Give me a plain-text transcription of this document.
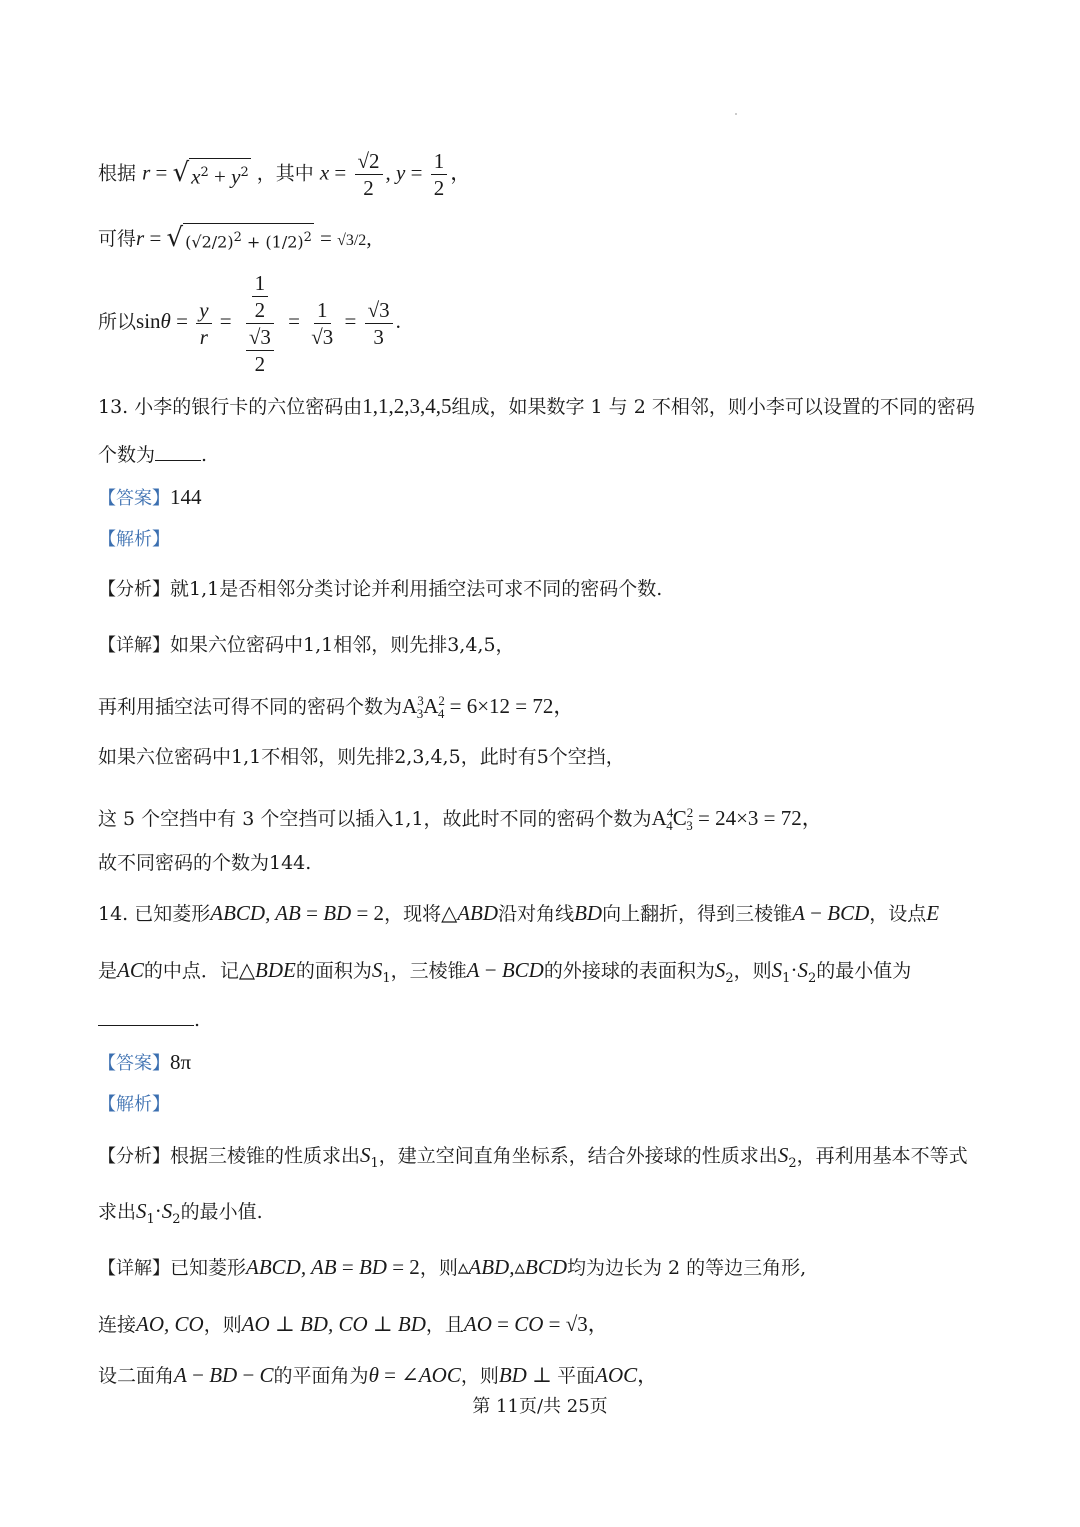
根据 r = √ $x^2 + y^2$ ，其中 $x = \frac{√2}{2}$ , $y = \frac{1}{2}$ ，
可得r = √ $(√2/2)^2 + (1/2)^2 = √3/2$,
所以$\sin\theta = \frac{y}{r} = \frac{\frac{1}{2}}{\frac{√3}{2}} = \frac{1}{√3} = \frac{√3}{3}$ .
13. 小李的银行卡的六位密码由1,1,2,3,4,5组成，如果数字 1 与 2 不相邻，则小李可以设置的不同的密码
个数为 .
【答案】144
【解析】
【分析】就1,1是否相邻分类讨论并利用插空法可求不同的密码个数.
【详解】如果六位密码中1,1相邻，则先排3,4,5，
再利用插空法可得不同的密码个数为$A^3_3A^2_4 = 6\times 12 = 72$，
如果六位密码中1,1不相邻，则先排2,3,4,5，此时有5个空挡，
这 5 个空挡中有 3 个空挡可以插入1,1，故此时不同的密码个数为$A^4_4C^2_3 = 24\times 3 = 72$，
故不同密码的个数为144.
14. 已知菱形ABCD, AB = BD = 2，现将△ABD沿对角线BD向上翻折，得到三棱锥A − BCD，设点E
是AC的中点．记△BDE的面积为$S_1$，三棱锥A − BCD的外接球的表面积为$S_2$，则$S_1\cdot S_2$的最小值为
.
【答案】8π
【解析】
【分析】根据三棱锥的性质求出$S_1$，建立空间直角坐标系，结合外接球的性质求出$S_2$，再利用基本不等式
求出$S_1\cdot S_2$的最小值.
【详解】已知菱形ABCD, AB = BD = 2，则▵ABD,▵BCD均为边长为 2 的等边三角形,
连接AO, CO，则AO ⊥ BD, CO ⊥ BD，且AO = CO = √3，
设二面角A − BD − C的平面角为θ = ∠AOC，则BD ⊥ 平面AOC，
第 11页/共 25页
